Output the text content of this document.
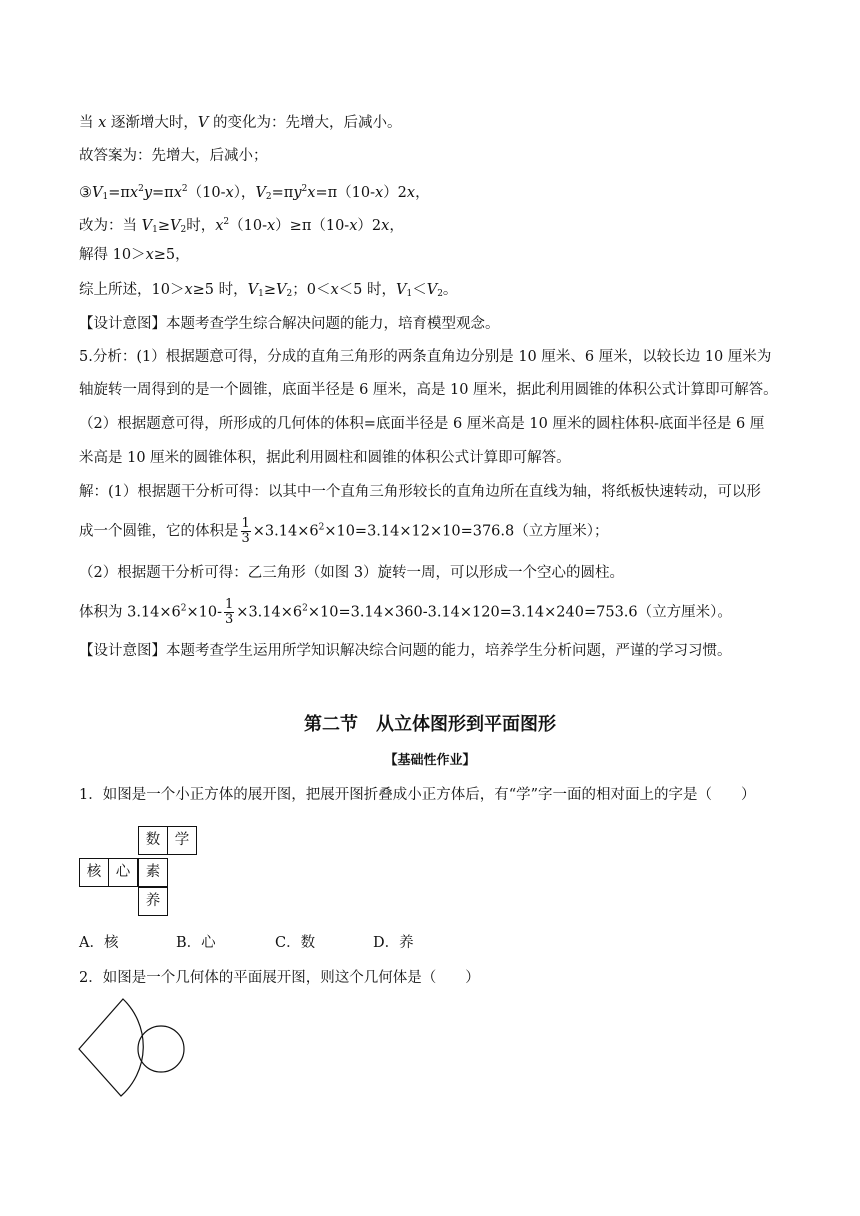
当 x 逐渐增大时，V 的变化为：先增大，后减小。
故答案为：先增大，后减小；
$③V_1=\pi x^2y=\pi x^2(10-x)$，$V_2=\pi y^2x=\pi(10-x)2x$，
改为：当 $V_1\ge V_2$时，$x^2(10-x)\ge\pi(10-x)2x$，
解得 10＞x≥5，
综上所述，10＞x≥5 时，$V_1\ge V_2$；0＜x＜5 时，$V_1<V_2$。
【设计意图】本题考查学生综合解决问题的能力，培育模型观念。
5.分析：(1）根据题意可得，分成的直角三角形的两条直角边分别是 10 厘米、6 厘米，以较长边 10 厘米为
轴旋转一周得到的是一个圆锥，底面半径是 6 厘米，高是 10 厘米，据此利用圆锥的体积公式计算即可解答。
（2）根据题意可得，所形成的几何体的体积=底面半径是 6 厘米高是 10 厘米的圆柱体积-底面半径是 6 厘
米高是 10 厘米的圆锥体积，据此利用圆柱和圆锥的体积公式计算即可解答。
解：(1）根据题干分析可得：以其中一个直角三角形较长的直角边所在直线为轴，将纸板快速转动，可以形
成一个圆锥，它的体积是 $\frac{1}{3} \times 3.14\times 6^2\times 10=3.14\times 12\times 10=376.8$（立方厘米）；
（2）根据题干分析可得：乙三角形（如图 3）旋转一周，可以形成一个空心的圆柱。
体积为 $3.14\times 6^2\times 10- \frac{1}{3} \times 3.14\times 6^2\times 10=3.14\times 360-3.14\times 120=3.14\times 240=753.6$（立方厘米）。
【设计意图】本题考查学生运用所学知识解决综合问题的能力，培养学生分析问题，严谨的学习习惯。
第二节　从立体图形到平面图形
【基础性作业】
1．如图是一个小正方体的展开图，把展开图折叠成小正方体后，有“学”字一面的相对面上的字是（　　）
数	学
核	心	素
养
A．核	B．心	C．数	D．养
2．如图是一个几何体的平面展开图，则这个几何体是（　　）
